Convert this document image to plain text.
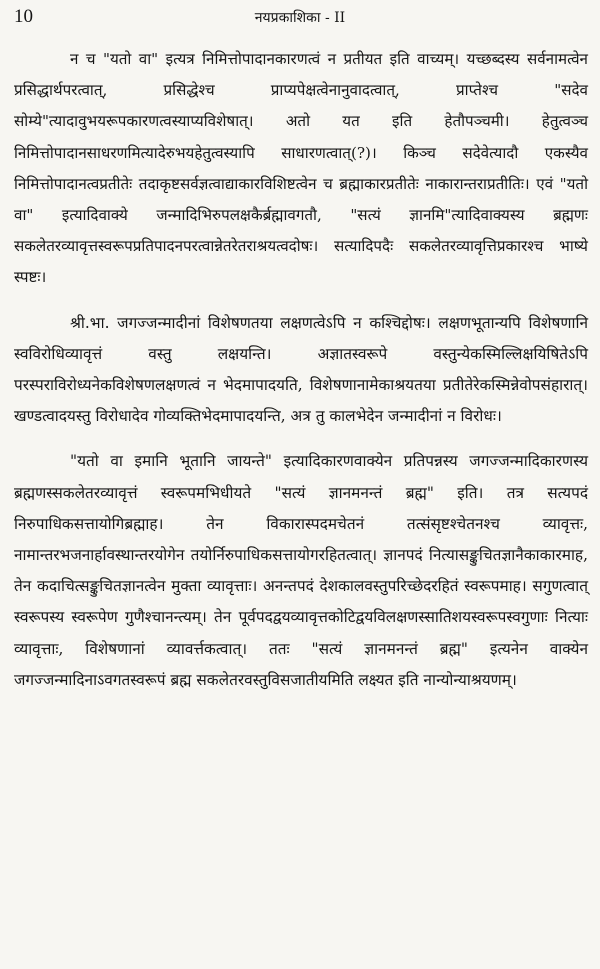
10	नयप्रकाशिका - II

न च "यतो वा" इत्यत्र निमित्तोपादानकारणत्वं न प्रतीयत इति वाच्यम्। यच्छब्दस्य सर्वनामत्वेन प्रसिद्धार्थपरत्वात्, प्रसिद्धेश्च प्राप्यपेक्षत्वेनानुवादत्वात्, प्राप्तेश्च "सदेव सोम्ये"त्यादावुभयरूपकारणत्वस्याप्यविशेषात्। अतो यत इति हेतौपञ्चमी। हेतुत्वञ्च निमित्तोपादानसाधरणमित्यादेरुभयहेतुत्वस्यापि साधारणत्वात्(?)। किञ्च सदेवेत्यादौ एकस्यैव निमित्तोपादानत्वप्रतीतेः तदाकृष्टसर्वज्ञत्वाद्याकारविशिष्टत्वेन च ब्रह्माकारप्रतीतेः नाकारान्तराप्रतीतिः। एवं "यतो वा" इत्यादिवाक्ये जन्मादिभिरुपलक्षकैर्ब्रह्मावगतौ, "सत्यं ज्ञानमि"त्यादिवाक्यस्य ब्रह्मणः सकलेतरव्यावृत्तस्वरूपप्रतिपादनपरत्वान्नेतरेतराश्रयत्वदोषः। सत्यादिपदैः सकलेतरव्यावृत्तिप्रकारश्च भाष्ये स्पष्टः।

श्री.भा. जगज्जन्मादीनां विशेषणतया लक्षणत्वेऽपि न कश्चिद्दोषः। लक्षणभूतान्यपि विशेषणानि स्वविरोधिव्यावृत्तं वस्तु लक्षयन्ति। अज्ञातस्वरूपे वस्तुन्येकस्मिल्लिक्षयिषितेऽपि परस्पराविरोध्यनेकविशेषणलक्षणत्वं न भेदमापादयति, विशेषणानामेकाश्रयतया प्रतीतेरेकस्मिन्नेवोपसंहारात्। खण्डत्वादयस्तु विरोधादेव गोव्यक्तिभेदमापादयन्ति, अत्र तु कालभेदेन जन्मादीनां न विरोधः।

"यतो वा इमानि भूतानि जायन्ते" इत्यादिकारणवाक्येन प्रतिपन्नस्य जगज्जन्मादिकारणस्य ब्रह्मणस्सकलेतरव्यावृत्तं स्वरूपमभिधीयते "सत्यं ज्ञानमनन्तं ब्रह्म" इति। तत्र सत्यपदं निरुपाधिकसत्तायोगिब्रह्माह। तेन विकारास्पदमचेतनं तत्संसृष्टश्चेतनश्च व्यावृत्तः, नामान्तरभजनार्हावस्थान्तरयोगेन तयोर्निरुपाधिकसत्तायोगरहितत्वात्। ज्ञानपदं नित्यासङ्कुचितज्ञानैकाकारमाह, तेन कदाचित्सङ्कुचितज्ञानत्वेन मुक्ता व्यावृत्ताः। अनन्तपदं देशकालवस्तुपरिच्छेदरहितं स्वरूपमाह। सगुणत्वात् स्वरूपस्य स्वरूपेण गुणैश्चानन्त्यम्। तेन पूर्वपदद्वयव्यावृत्तकोटिद्वयविलक्षणस्सातिशयस्वरूपस्वगुणाः नित्याः व्यावृत्ताः, विशेषणानां व्यावर्त्तकत्वात्। ततः "सत्यं ज्ञानमनन्तं ब्रह्म" इत्यनेन वाक्येन जगज्जन्मादिनाऽवगतस्वरूपं ब्रह्म सकलेतरवस्तुविसजातीयमिति लक्ष्यत इति नान्योन्याश्रयणम्।
